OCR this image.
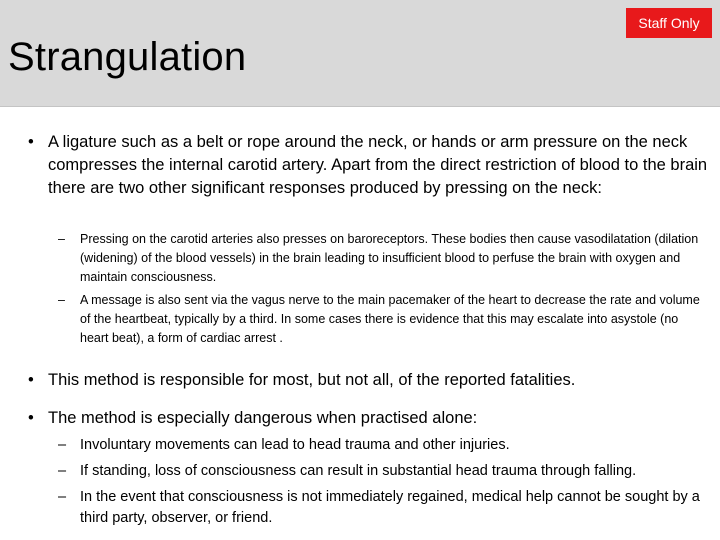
Strangulation
Staff Only
• A ligature such as a belt or rope around the neck, or hands or arm pressure on the neck compresses the internal carotid artery. Apart from the direct restriction of blood to the brain there are two other significant responses produced by pressing on the neck:
– Pressing on the carotid arteries also presses on baroreceptors. These bodies then cause vasodilatation (dilation (widening) of the blood vessels) in the brain leading to insufficient blood to perfuse the brain with oxygen and maintain consciousness.
– A message is also sent via the vagus nerve to the main pacemaker of the heart to decrease the rate and volume of the heartbeat, typically by a third. In some cases there is evidence that this may escalate into asystole (no heart beat), a form of cardiac arrest .
• This method is responsible for most, but not all, of the reported fatalities.
• The method is especially dangerous when practised alone:
– Involuntary movements can lead to head trauma and other injuries.
– If standing, loss of consciousness can result in substantial head trauma through falling.
– In the event that consciousness is not immediately regained, medical help cannot be sought by a third party, observer, or friend.
